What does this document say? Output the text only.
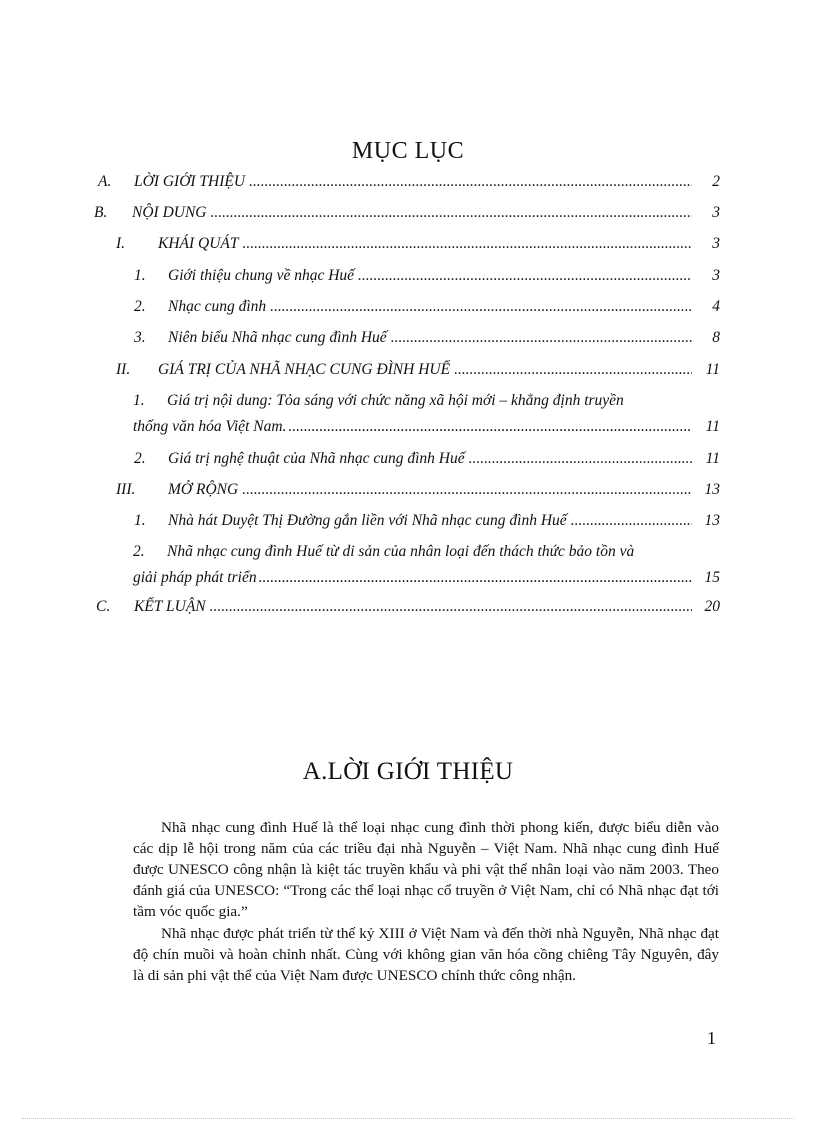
MỤC LỤC
A.	LỜI GIỚI THIỆU .....	2
B.	NỘI DUNG .....	3
I.	KHÁI QUÁT .....	3
1.	Giới thiệu chung về nhạc Huế .....	3
2.	Nhạc cung đình .....	4
3.	Niên biểu Nhã nhạc cung đình Huế .....	8
II.	GIÁ TRỊ CỦA NHÃ NHẠC CUNG ĐÌNH HUẾ .....	11
1. Giá trị nội dung: Tỏa sáng với chức năng xã hội mới – khẳng định truyền
thống văn hóa Việt Nam. .....	11
2.	Giá trị nghệ thuật của Nhã nhạc cung đình Huế .....	11
III.	MỞ RỘNG .....	13
1.	Nhà hát Duyệt Thị Đường gắn liền với Nhã nhạc cung đình Huế .....	13
2. Nhã nhạc cung đình Huế từ di sản của nhân loại đến thách thức bảo tồn và
giải pháp phát triển .....	15
C.	KẾT LUẬN .....	20
A.LỜI GIỚI THIỆU
Nhã nhạc cung đình Huế là thể loại nhạc cung đình thời phong kiến, được biểu diễn vào các dịp lễ hội trong năm của các triều đại nhà Nguyễn – Việt Nam. Nhã nhạc cung đình Huế được UNESCO công nhận là kiệt tác truyền khẩu và phi vật thể nhân loại vào năm 2003. Theo đánh giá của UNESCO: “Trong các thể loại nhạc cổ truyền ở Việt Nam, chỉ có Nhã nhạc đạt tới tầm vóc quốc gia.”
Nhã nhạc được phát triển từ thế kỷ XIII ở Việt Nam và đến thời nhà Nguyễn, Nhã nhạc đạt độ chín muồi và hoàn chỉnh nhất. Cùng với không gian văn hóa cồng chiêng Tây Nguyên, đây là di sản phi vật thể của Việt Nam được UNESCO chính thức công nhận.
1
